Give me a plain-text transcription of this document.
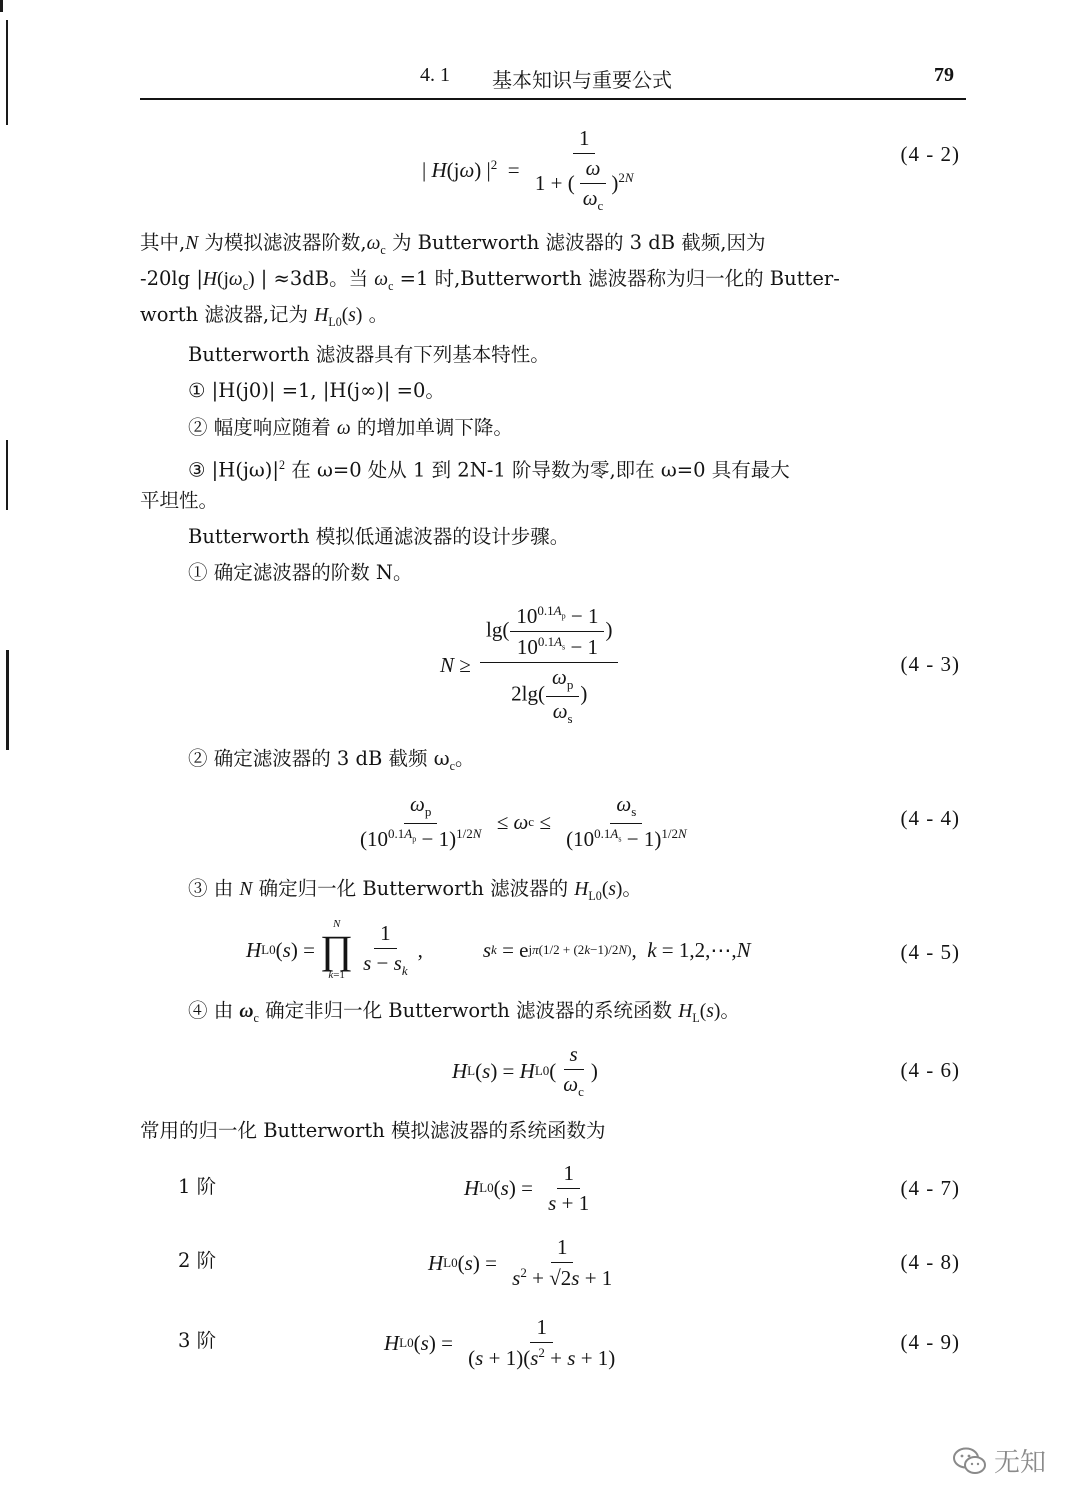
4. 1 基本知识与重要公式	79
| H(jω) $|^2 = \frac{1}{1 + ( \frac{\omega}{\omega_c} )^{2N}}$	(4 - 2)
其中,N 为模拟滤波器阶数$,\omega_c$ 为 Butterworth 滤波器的 3 dB 截频,因为
-20lg $|H(j\omega_c)$ | ≈3dB。当 $\omega_c =1$ 时,Butterworth 滤波器称为归一化的 Butter-
worth 滤波器,记为 $H_{L0}(s)$ 。
Butterworth 滤波器具有下列基本特性。
① |H(j0)| =1, |H(j∞)| =0。
② 幅度响应随着 ω 的增加单调下降。
③ $|H(j\omega)|^2$ 在 ω=0 处从 1 到 2N-1 阶导数为零,即在 ω=0 具有最大
平坦性。
Butterworth 模拟低通滤波器的设计步骤。
① 确定滤波器的阶数 N。
$N \ge \frac{\lg( \frac{10^{0.1A_p} - 1}{10^{0.1A_s} - 1} )}{2\lg( \frac{\omega_p}{\omega_s} )}$	(4 - 3)
② 确定滤波器的 3 dB 截频 $\omega_c$。
$\frac{\omega_p}{(10^{0.1A_p} - 1)^{1/2N}} \le \omega$ $c \le \frac{\omega_s}{(10^{0.1A_s} - 1)^{1/2N}}$	(4 - 4)
③ 由 N 确定归一化 Butterworth 滤波器的 $H_{L0}(s)$。
H L0 ( s ) =
N
∏
$k=1 \frac{1}{s - s_k}$ ,	s k = e jπ(1/2 + (2k−1)/2N) , k = 1,2,⋯, N	(4 - 5)
④ 由 $\omega_c$ 确定非归一化 Butterworth 滤波器的系统函数 $H_L(s)$。
H L ( s ) = H L0 ( $\frac{s}{\omega_c}$ )	(4 - 6)
常用的归一化 Butterworth 模拟滤波器的系统函数为
1 阶	H L0 ( s ) = $\frac{1}{s + 1}$	(4 - 7)
2 阶	H L0 ( s ) = $\frac{1}{s^2 + √2s + 1}$	(4 - 8)
3 阶	H L0 ( s ) = $\frac{1}{(s + 1)(s^2 + s + 1)}$	(4 - 9)
无知
